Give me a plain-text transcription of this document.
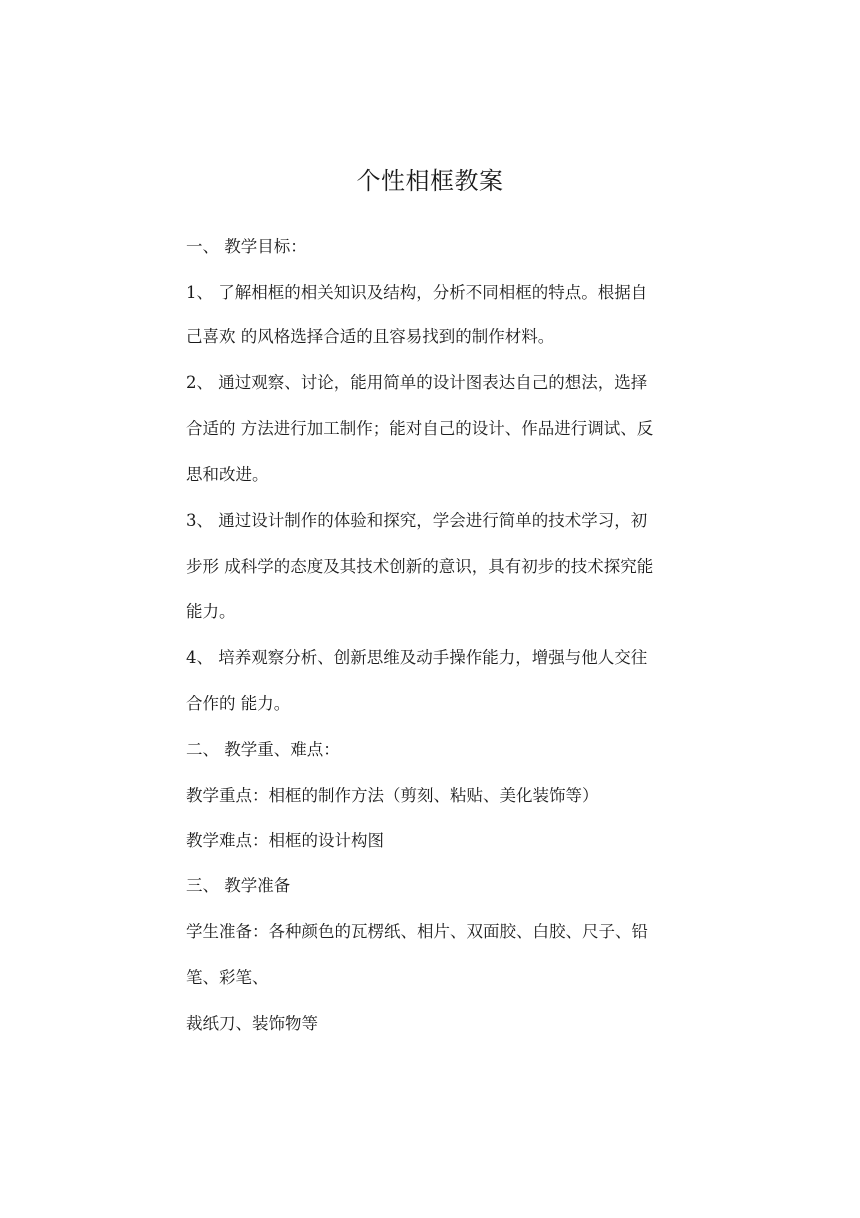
个性相框教案

一、 教学目标：

1、 了解相框的相关知识及结构，分析不同相框的特点。根据自

己喜欢 的风格选择合适的且容易找到的制作材料。

2、 通过观察、讨论，能用简单的设计图表达自己的想法，选择

合适的 方法进行加工制作；能对自己的设计、作品进行调试、反

思和改进。

3、 通过设计制作的体验和探究，学会进行简单的技术学习，初

步形 成科学的态度及其技术创新的意识，具有初步的技术探究能

能力。

4、 培养观察分析、创新思维及动手操作能力，增强与他人交往

合作的 能力。

二、 教学重、难点：

教学重点：相框的制作方法（剪刻、粘贴、美化装饰等）

教学难点：相框的设计构图

三、 教学准备

学生准备：各种颜色的瓦楞纸、相片、双面胶、白胶、尺子、铅

笔、彩笔、

裁纸刀、装饰物等
